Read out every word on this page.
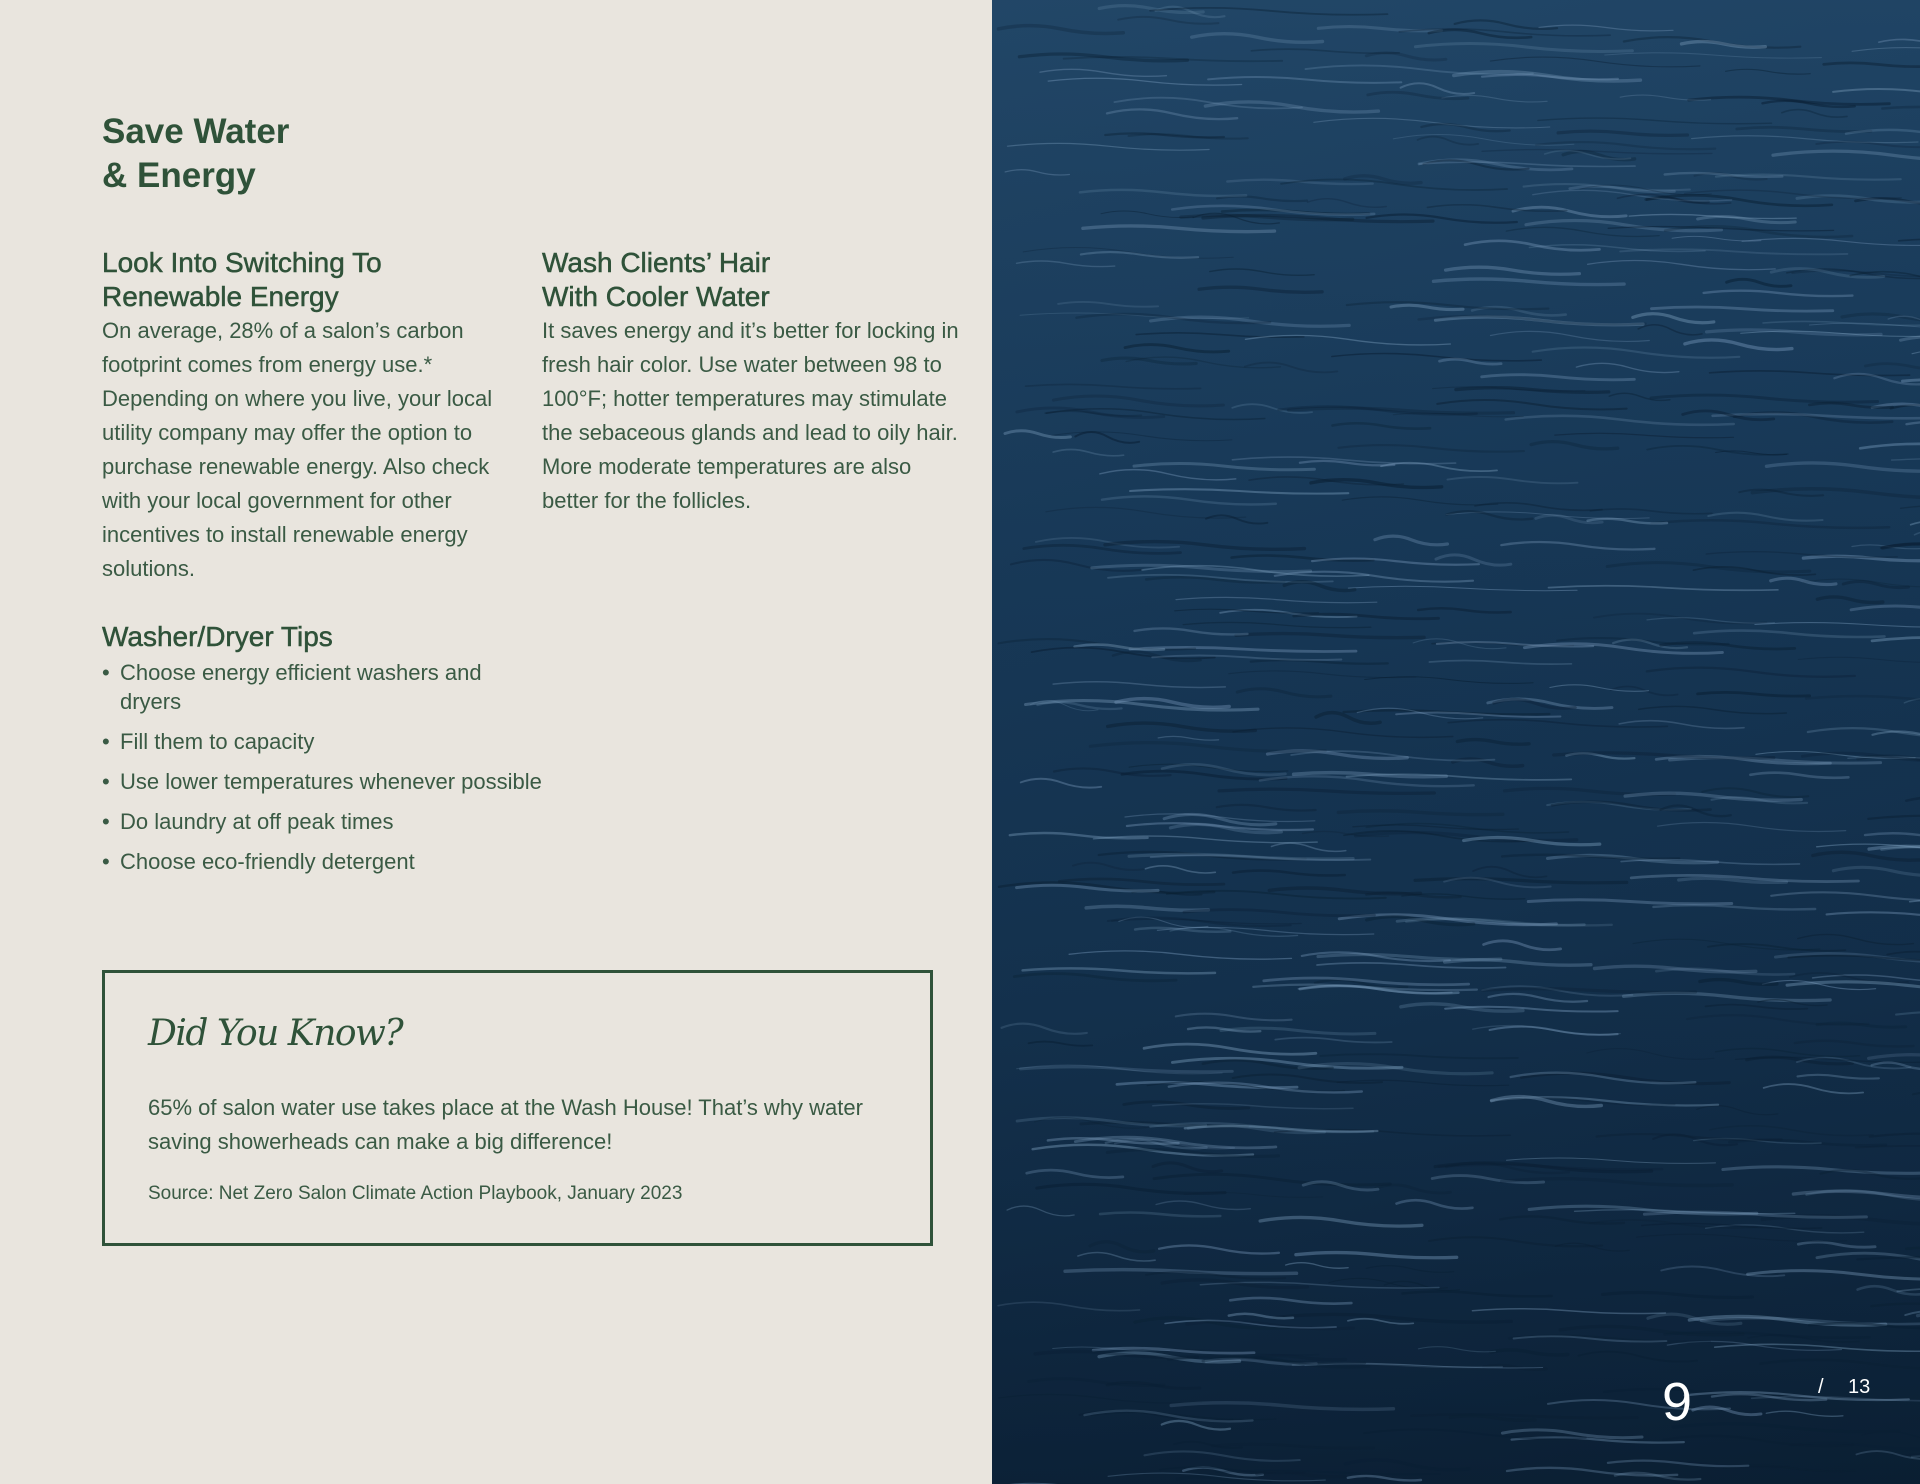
Save Water
& Energy
Look Into Switching To
Renewable Energy

On average, 28% of a salon’s carbon footprint comes from energy use.* Depending on where you live, your local utility company may offer the option to purchase renewable energy. Also check with your local government for other incentives to install renewable energy solutions.

Wash Clients’ Hair
With Cooler Water

It saves energy and it’s better for locking in fresh hair color. Use water between 98 to 100°F; hotter temperatures may stimulate the sebaceous glands and lead to oily hair. More moderate temperatures are also better for the follicles.

Washer/Dryer Tips
• Choose energy efficient washers and dryers
• Fill them to capacity
• Use lower temperatures whenever possible
• Do laundry at off peak times
• Choose eco-friendly detergent
Did You Know?

65% of salon water use takes place at the Wash House! That’s why water saving showerheads can make a big difference!

Source: Net Zero Salon Climate Action Playbook, January 2023

9	/ 13
